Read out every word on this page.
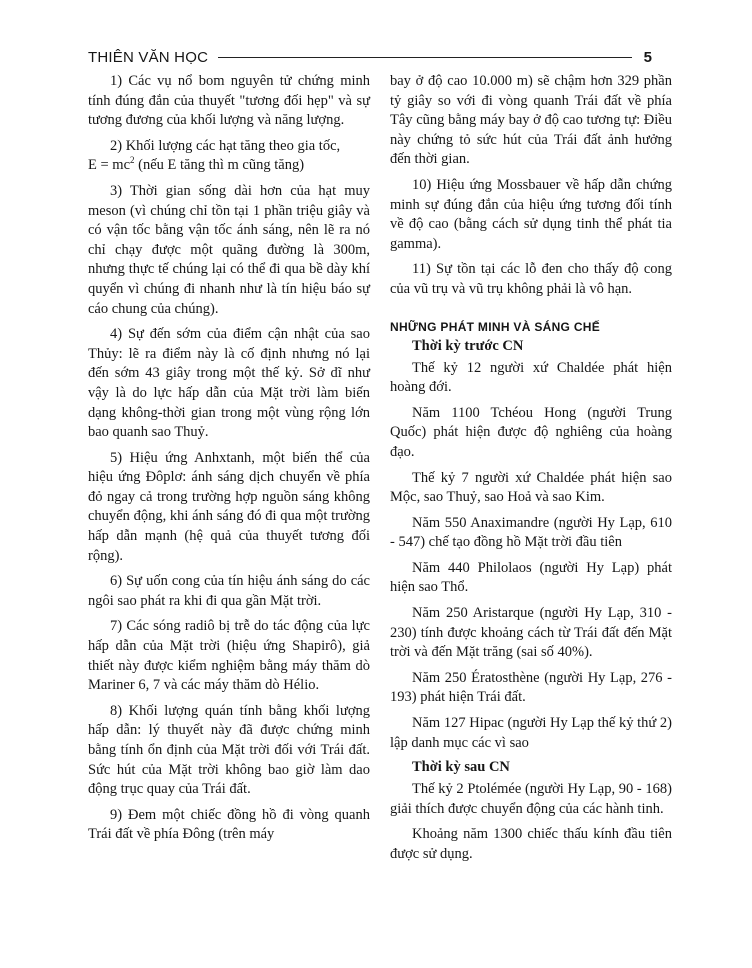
THIÊN VĂN HỌC	5

1) Các vụ nổ bom nguyên tử chứng minh tính đúng đắn của thuyết "tương đối hẹp" và sự tương đương của khối lượng và năng lượng.

2) Khối lượng các hạt tăng theo gia tốc,

$E = mc^2$ (nếu E tăng thì m cũng tăng)

3) Thời gian sống dài hơn của hạt muy meson (vì chúng chỉ tồn tại 1 phần triệu giây và có vận tốc bằng vận tốc ánh sáng, nên lẽ ra nó chỉ chạy được một quãng đường là 300m, nhưng thực tế chúng lại có thể đi qua bề dày khí quyển vì chúng đi nhanh như là tín hiệu báo sự cáo chung của chúng).

4) Sự đến sớm của điểm cận nhật của sao Thủy: lẽ ra điểm này là cố định nhưng nó lại đến sớm 43 giây trong một thế kỷ. Sở dĩ như vậy là do lực hấp dẫn của Mặt trời làm biến dạng không-thời gian trong một vùng rộng lớn bao quanh sao Thuỷ.

5) Hiệu ứng Anhxtanh, một biến thể của hiệu ứng Đôplơ: ánh sáng dịch chuyển về phía đỏ ngay cả trong trường hợp nguồn sáng không chuyển động, khi ánh sáng đó đi qua một trường hấp dẫn mạnh (hệ quả của thuyết tương đối rộng).

6) Sự uốn cong của tín hiệu ánh sáng do các ngôi sao phát ra khi đi qua gần Mặt trời.

7) Các sóng radiô bị trễ do tác động của lực hấp dẫn của Mặt trời (hiệu ứng Shapirô), giả thiết này được kiểm nghiệm bằng máy thăm dò Mariner 6, 7 và các máy thăm dò Hélio.

8) Khối lượng quán tính bằng khối lượng hấp dẫn: lý thuyết này đã được chứng minh bằng tính ổn định của Mặt trời đối với Trái đất. Sức hút của Mặt trời không bao giờ làm dao động trục quay của Trái đất.

9) Đem một chiếc đồng hồ đi vòng quanh Trái đất về phía Đông (trên máy

bay ở độ cao 10.000 m) sẽ chậm hơn 329 phần tỷ giây so với đi vòng quanh Trái đất về phía Tây cũng bằng máy bay ở độ cao tương tự: Điều này chứng tỏ sức hút của Trái đất ảnh hưởng đến thời gian.

10) Hiệu ứng Mossbauer về hấp dẫn chứng minh sự đúng đắn của hiệu ứng tương đối tính về độ cao (bằng cách sử dụng tinh thể phát tia gamma).

11) Sự tồn tại các lỗ đen cho thấy độ cong của vũ trụ và vũ trụ không phải là vô hạn.

NHỮNG PHÁT MINH VÀ SÁNG CHẾ
Thời kỳ trước CN

Thế kỷ 12 người xứ Chaldée phát hiện hoàng đới.

Năm 1100 Tchéou Hong (người Trung Quốc) phát hiện được độ nghiêng của hoàng đạo.

Thế kỷ 7 người xứ Chaldée phát hiện sao Mộc, sao Thuỷ, sao Hoả và sao Kim.

Năm 550 Anaximandre (người Hy Lạp, 610 - 547) chế tạo đồng hồ Mặt trời đầu tiên

Năm 440 Philolaos (người Hy Lạp) phát hiện sao Thổ.

Năm 250 Aristarque (người Hy Lạp, 310 - 230) tính được khoảng cách từ Trái đất đến Mặt trời và đến Mặt trăng (sai số 40%).

Năm 250 Ératosthène (người Hy Lạp, 276 - 193) phát hiện Trái đất.

Năm 127 Hipac (người Hy Lạp thế kỷ thứ 2) lập danh mục các vì sao

Thời kỳ sau CN

Thế kỷ 2 Ptolémée (người Hy Lạp, 90 - 168) giải thích được chuyển động của các hành tinh.

Khoảng năm 1300 chiếc thấu kính đầu tiên được sử dụng.
